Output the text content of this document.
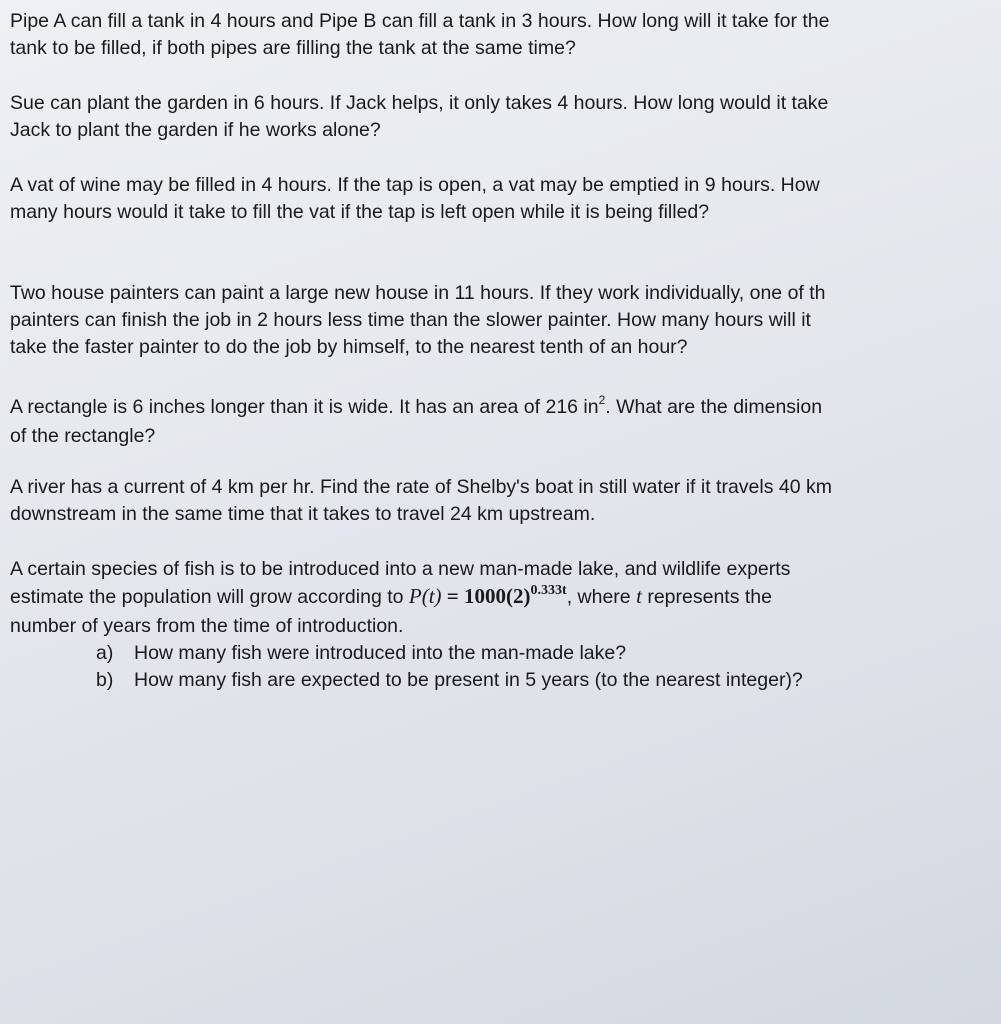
Pipe A can fill a tank in 4 hours and Pipe B can fill a tank in 3 hours. How long will it take for the
tank to be filled, if both pipes are filling the tank at the same time?
Sue can plant the garden in 6 hours. If Jack helps, it only takes 4 hours. How long would it take
Jack to plant the garden if he works alone?
A vat of wine may be filled in 4 hours. If the tap is open, a vat may be emptied in 9 hours. How
many hours would it take to fill the vat if the tap is left open while it is being filled?
Two house painters can paint a large new house in 11 hours. If they work individually, one of th
painters can finish the job in 2 hours less time than the slower painter. How many hours will it
take the faster painter to do the job by himself, to the nearest tenth of an hour?
A rectangle is 6 inches longer than it is wide. It has an area of 216 $in^2$. What are the dimension
of the rectangle?
A river has a current of 4 km per hr. Find the rate of Shelby's boat in still water if it travels 40 km
downstream in the same time that it takes to travel 24 km upstream.
A certain species of fish is to be introduced into a new man-made lake, and wildlife experts
estimate the population will grow according to $P(t) = 1000(2)^{0.333t}$, where t represents the
number of years from the time of introduction.
a) How many fish were introduced into the man-made lake?
b) How many fish are expected to be present in 5 years (to the nearest integer)?
